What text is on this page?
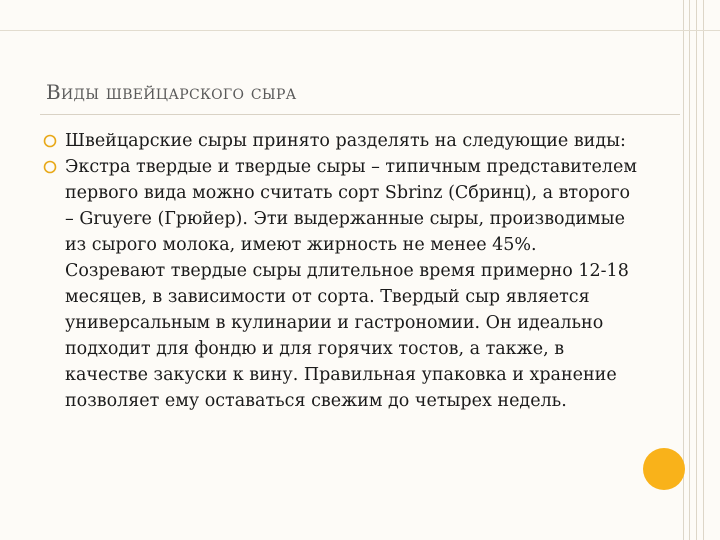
Виды швейцарского сыра
Швейцарские сыры принято разделять на следующие виды:
Экстра твердые и твердые сыры – типичным представителем первого вида можно считать сорт Sbrinz (Сбринц), а второго – Gruyere (Грюйер). Эти выдержанные сыры, производимые из сырого молока, имеют жирность не менее 45%. Созревают твердые сыры длительное время примерно 12-18 месяцев, в зависимости от сорта. Твердый сыр является универсальным в кулинарии и гастрономии. Он идеально подходит для фондю и для горячих тостов, а также, в качестве закуски к вину. Правильная упаковка и хранение позволяет ему оставаться свежим до четырех недель.
